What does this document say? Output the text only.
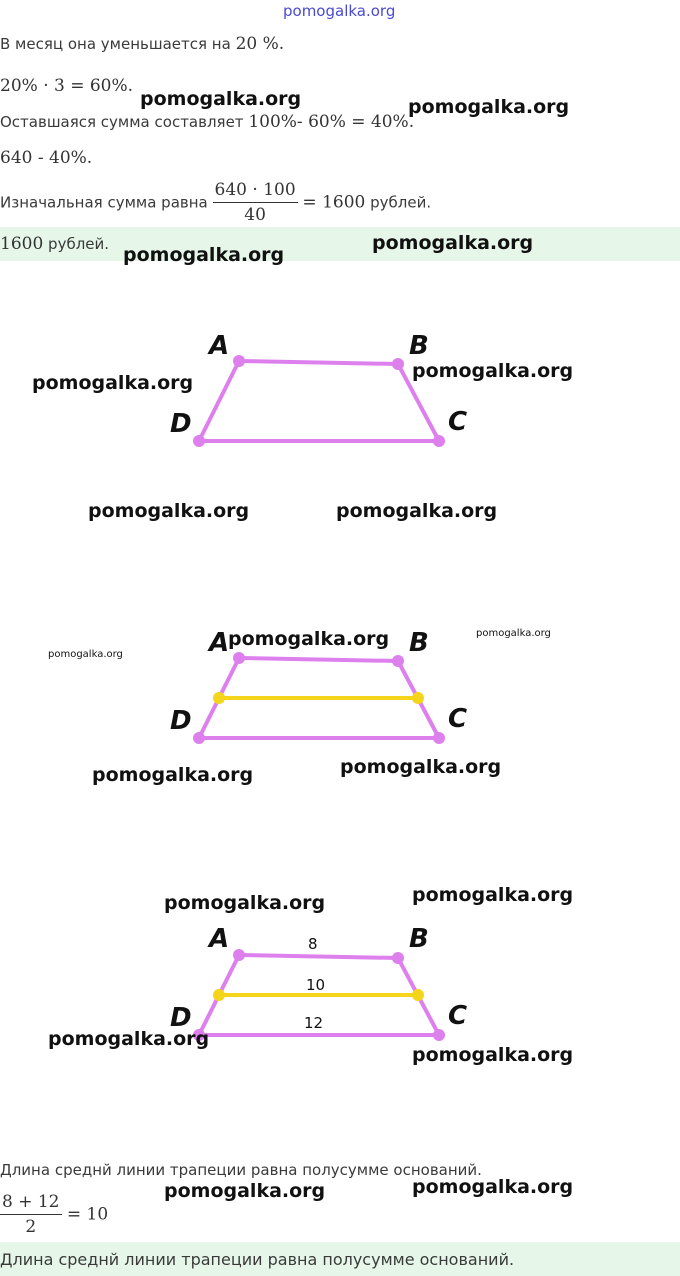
pomogalka.org
В месяц она уменьшается на 20 %.
20% · 3 = 60%.
Оставшаяся сумма составляет 100%- 60% = 40%.
640 - 40%.
Изначальная сумма равна $\frac{640 \cdot 100}{40} = 1600$ рублей.
1600 рублей.
A	B
C
D
A	B
C
D
A	B
C
D
8
10
12
Длина среднй линии трапеции равна полусумме оснований.
$\frac{8 + 12}{2} = 10$
Длина среднй линии трапеции равна полусумме оснований.
pomogalka.org	pomogalka.org
pomogalka.org
pomogalka.org
pomogalka.org
pomogalka.org
pomogalka.org	pomogalka.org
pomogalka.org	pomogalka.org
pomogalka.org
pomogalka.org	pomogalka.org
pomogalka.org	pomogalka.org
pomogalka.org
pomogalka.org
pomogalka.org	pomogalka.org
